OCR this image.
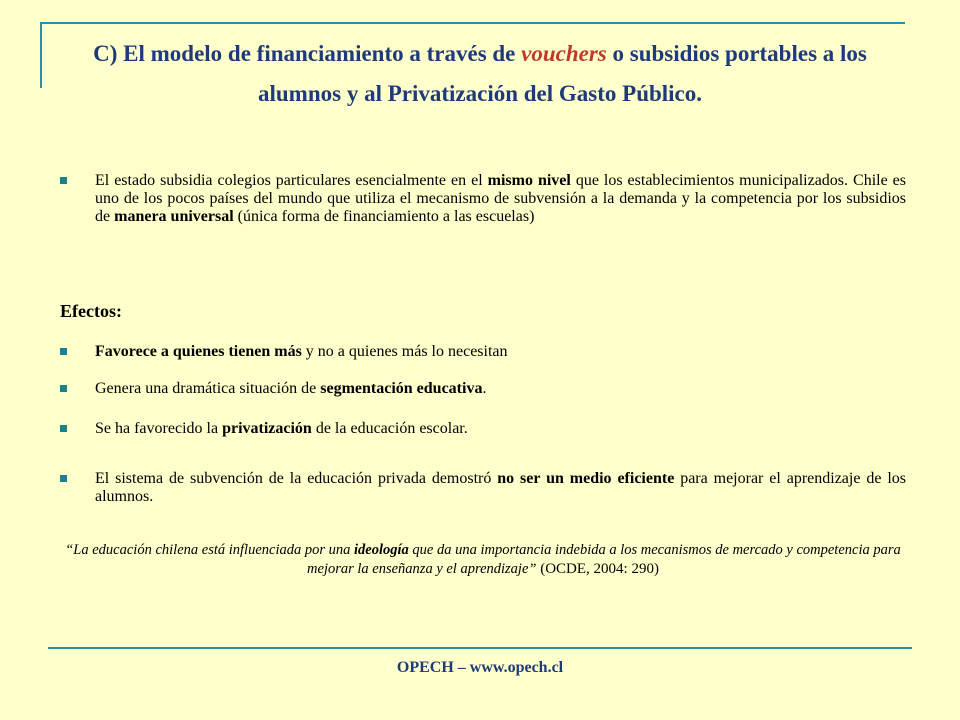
C) El modelo de financiamiento a través de vouchers o subsidios portables a los alumnos y al Privatización del Gasto Público.
El estado subsidia colegios particulares esencialmente en el mismo nivel que los establecimientos municipalizados. Chile es uno de los pocos países del mundo que utiliza el mecanismo de subvensión a la demanda y la competencia por los subsidios de manera universal (única forma de financiamiento a las escuelas)
Efectos:
Favorece a quienes tienen más y no a quienes más lo necesitan
Genera una dramática situación de segmentación educativa.
Se ha favorecido la privatización de la educación escolar.
El sistema de subvención de la educación privada demostró no ser un medio eficiente para mejorar el aprendizaje de los alumnos.
“La educación chilena está influenciada por una ideología que da una importancia indebida a los mecanismos de mercado y competencia para mejorar la enseñanza y el aprendizaje” (OCDE, 2004: 290)
OPECH – www.opech.cl
